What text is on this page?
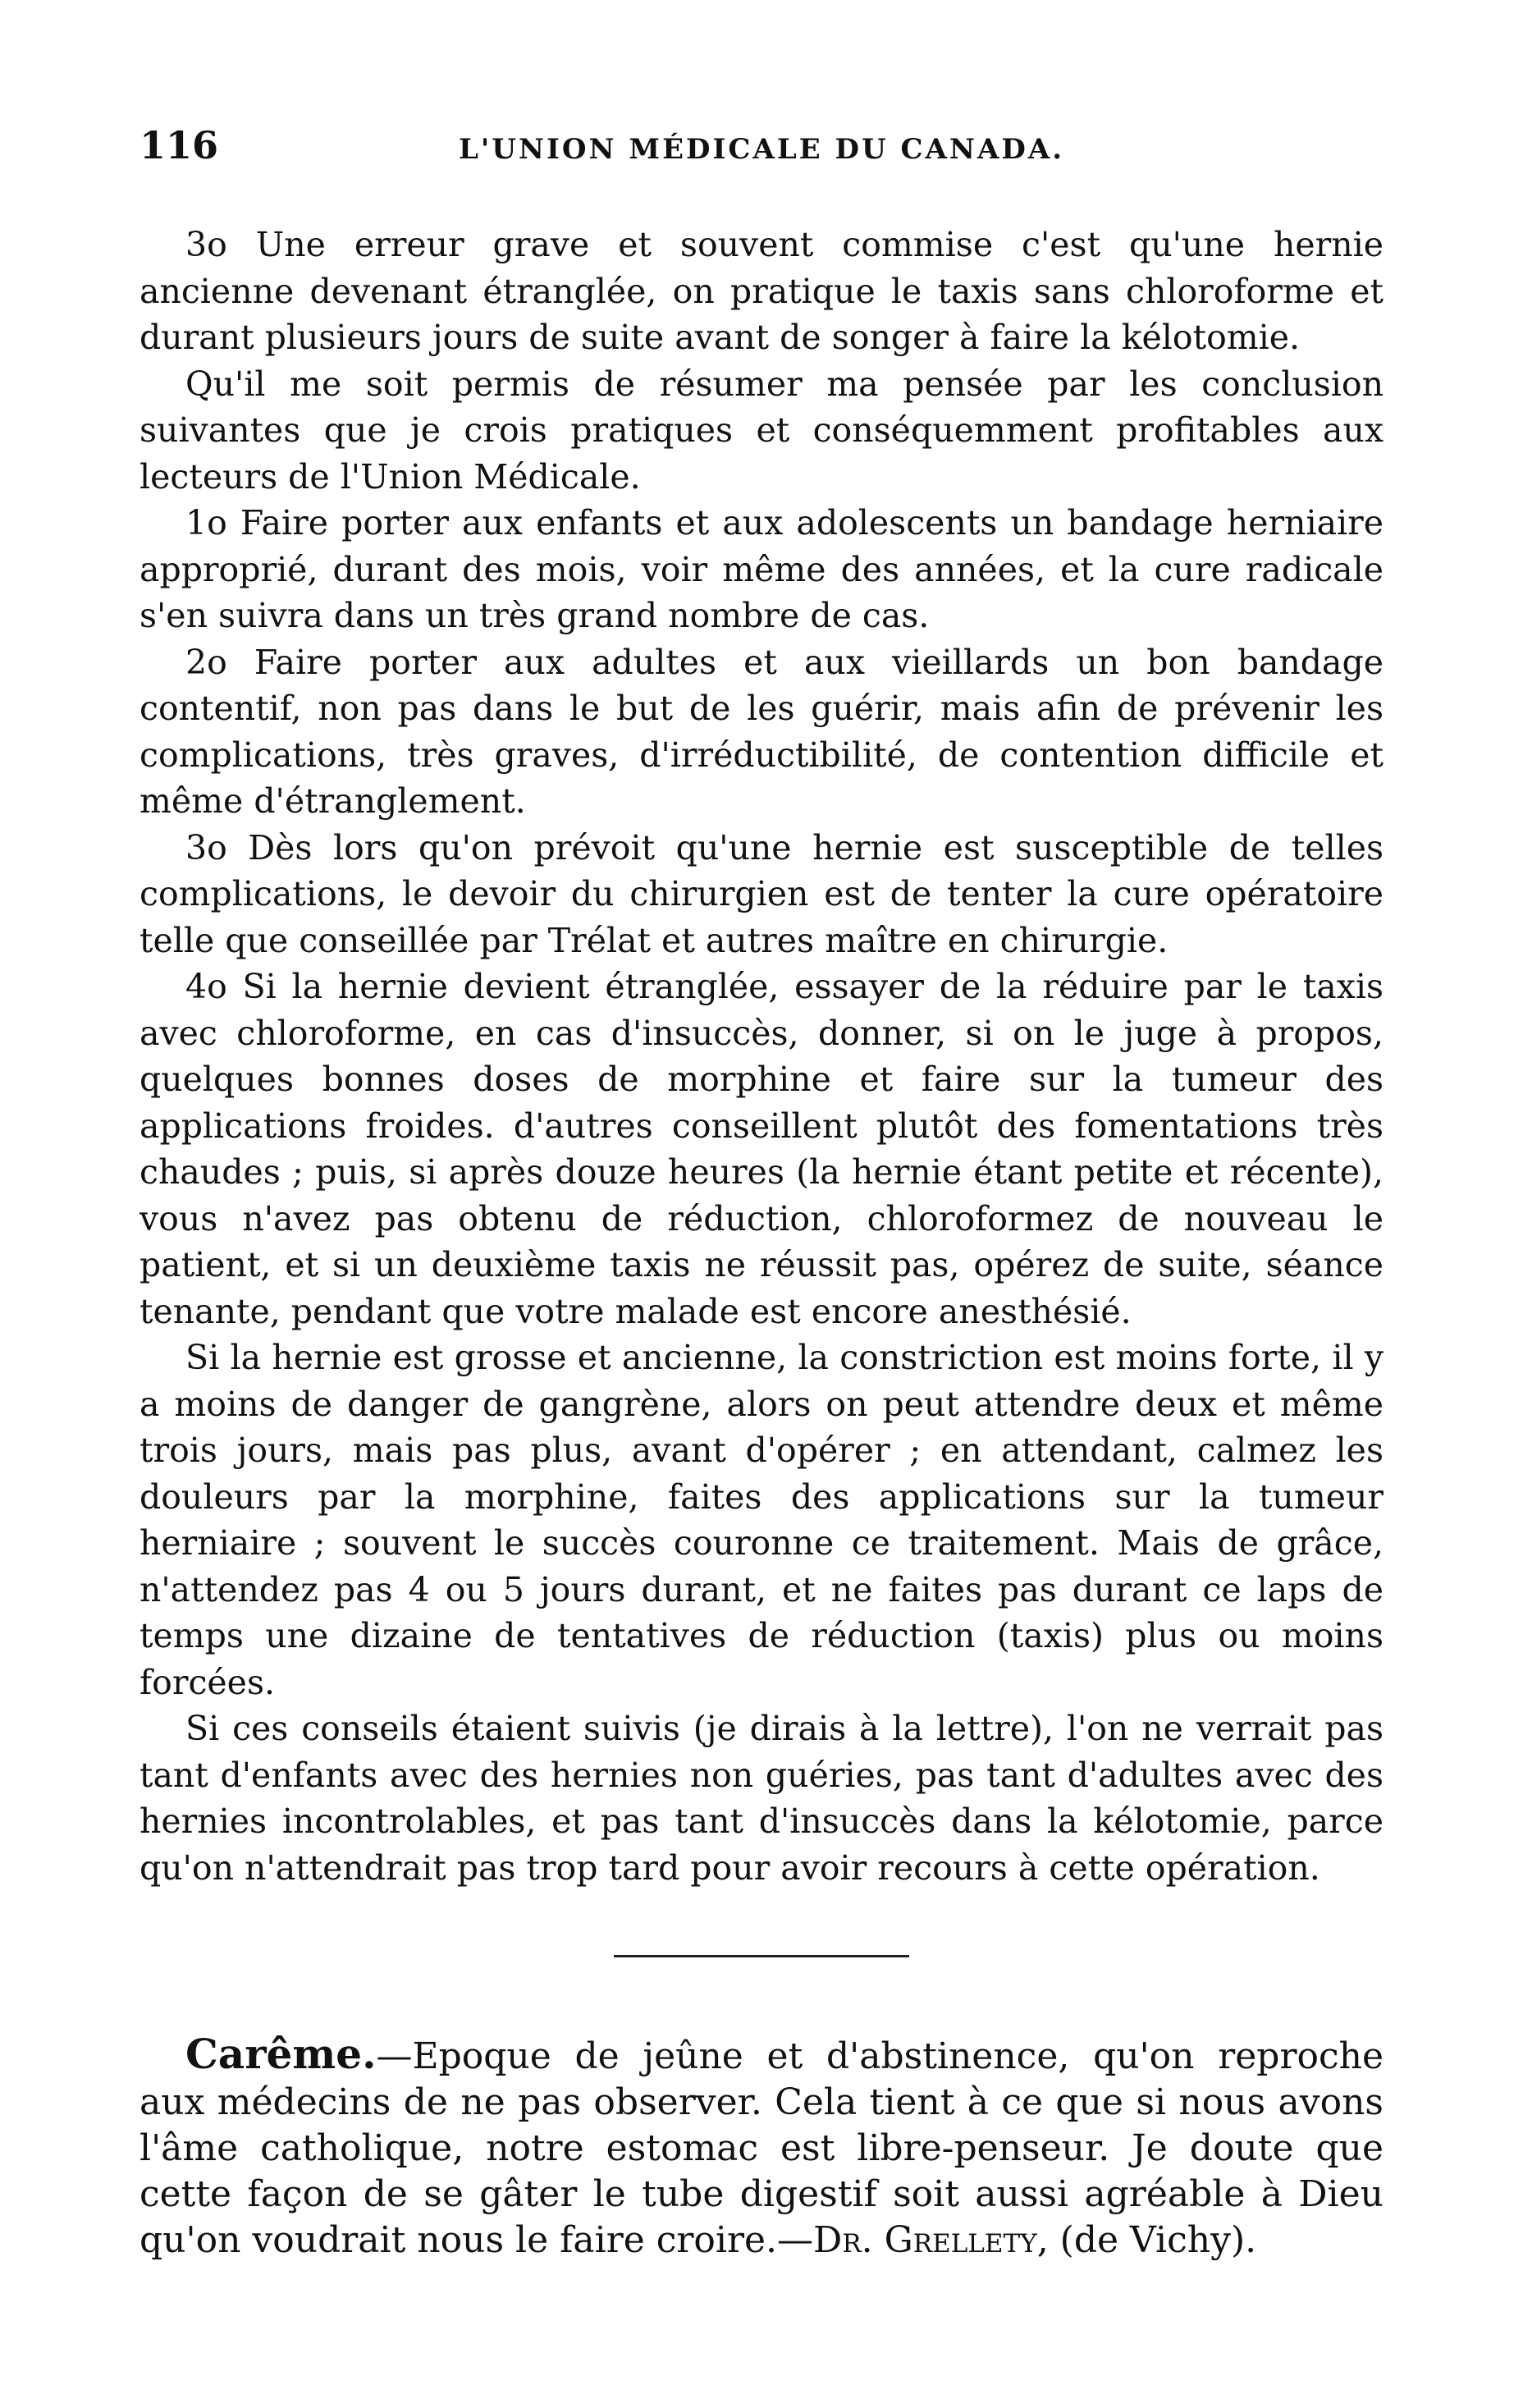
116	L'UNION MÉDICALE DU CANADA.

3o Une erreur grave et souvent commise c'est qu'une hernie ancienne devenant étranglée, on pratique le taxis sans chloroforme et durant plusieurs jours de suite avant de songer à faire la kélotomie.

Qu'il me soit permis de résumer ma pensée par les conclusion suivantes que je crois pratiques et conséquemment profitables aux lecteurs de l'Union Médicale.

1o Faire porter aux enfants et aux adolescents un bandage herniaire approprié, durant des mois, voir même des années, et la cure radicale s'en suivra dans un très grand nombre de cas.

2o Faire porter aux adultes et aux vieillards un bon bandage contentif, non pas dans le but de les guérir, mais afin de prévenir les complications, très graves, d'irréductibilité, de contention difficile et même d'étranglement.

3o Dès lors qu'on prévoit qu'une hernie est susceptible de telles complications, le devoir du chirurgien est de tenter la cure opératoire telle que conseillée par Trélat et autres maître en chirurgie.

4o Si la hernie devient étranglée, essayer de la réduire par le taxis avec chloroforme, en cas d'insuccès, donner, si on le juge à propos, quelques bonnes doses de morphine et faire sur la tumeur des applications froides. d'autres conseillent plutôt des fomentations très chaudes ; puis, si après douze heures (la hernie étant petite et récente), vous n'avez pas obtenu de réduction, chloroformez de nouveau le patient, et si un deuxième taxis ne réussit pas, opérez de suite, séance tenante, pendant que votre malade est encore anesthésié.

Si la hernie est grosse et ancienne, la constriction est moins forte, il y a moins de danger de gangrène, alors on peut attendre deux et même trois jours, mais pas plus, avant d'opérer ; en attendant, calmez les douleurs par la morphine, faites des applications sur la tumeur herniaire ; souvent le succès couronne ce traitement. Mais de grâce, n'attendez pas 4 ou 5 jours durant, et ne faites pas durant ce laps de temps une dizaine de tentatives de réduction (taxis) plus ou moins forcées.

Si ces conseils étaient suivis (je dirais à la lettre), l'on ne verrait pas tant d'enfants avec des hernies non guéries, pas tant d'adultes avec des hernies incontrolables, et pas tant d'insuccès dans la kélotomie, parce qu'on n'attendrait pas trop tard pour avoir recours à cette opération.

Carême.—Epoque de jeûne et d'abstinence, qu'on reproche aux médecins de ne pas observer. Cela tient à ce que si nous avons l'âme catholique, notre estomac est libre-penseur. Je doute que cette façon de se gâter le tube digestif soit aussi agréable à Dieu qu'on voudrait nous le faire croire.—Dr. Grellety, (de Vichy).
